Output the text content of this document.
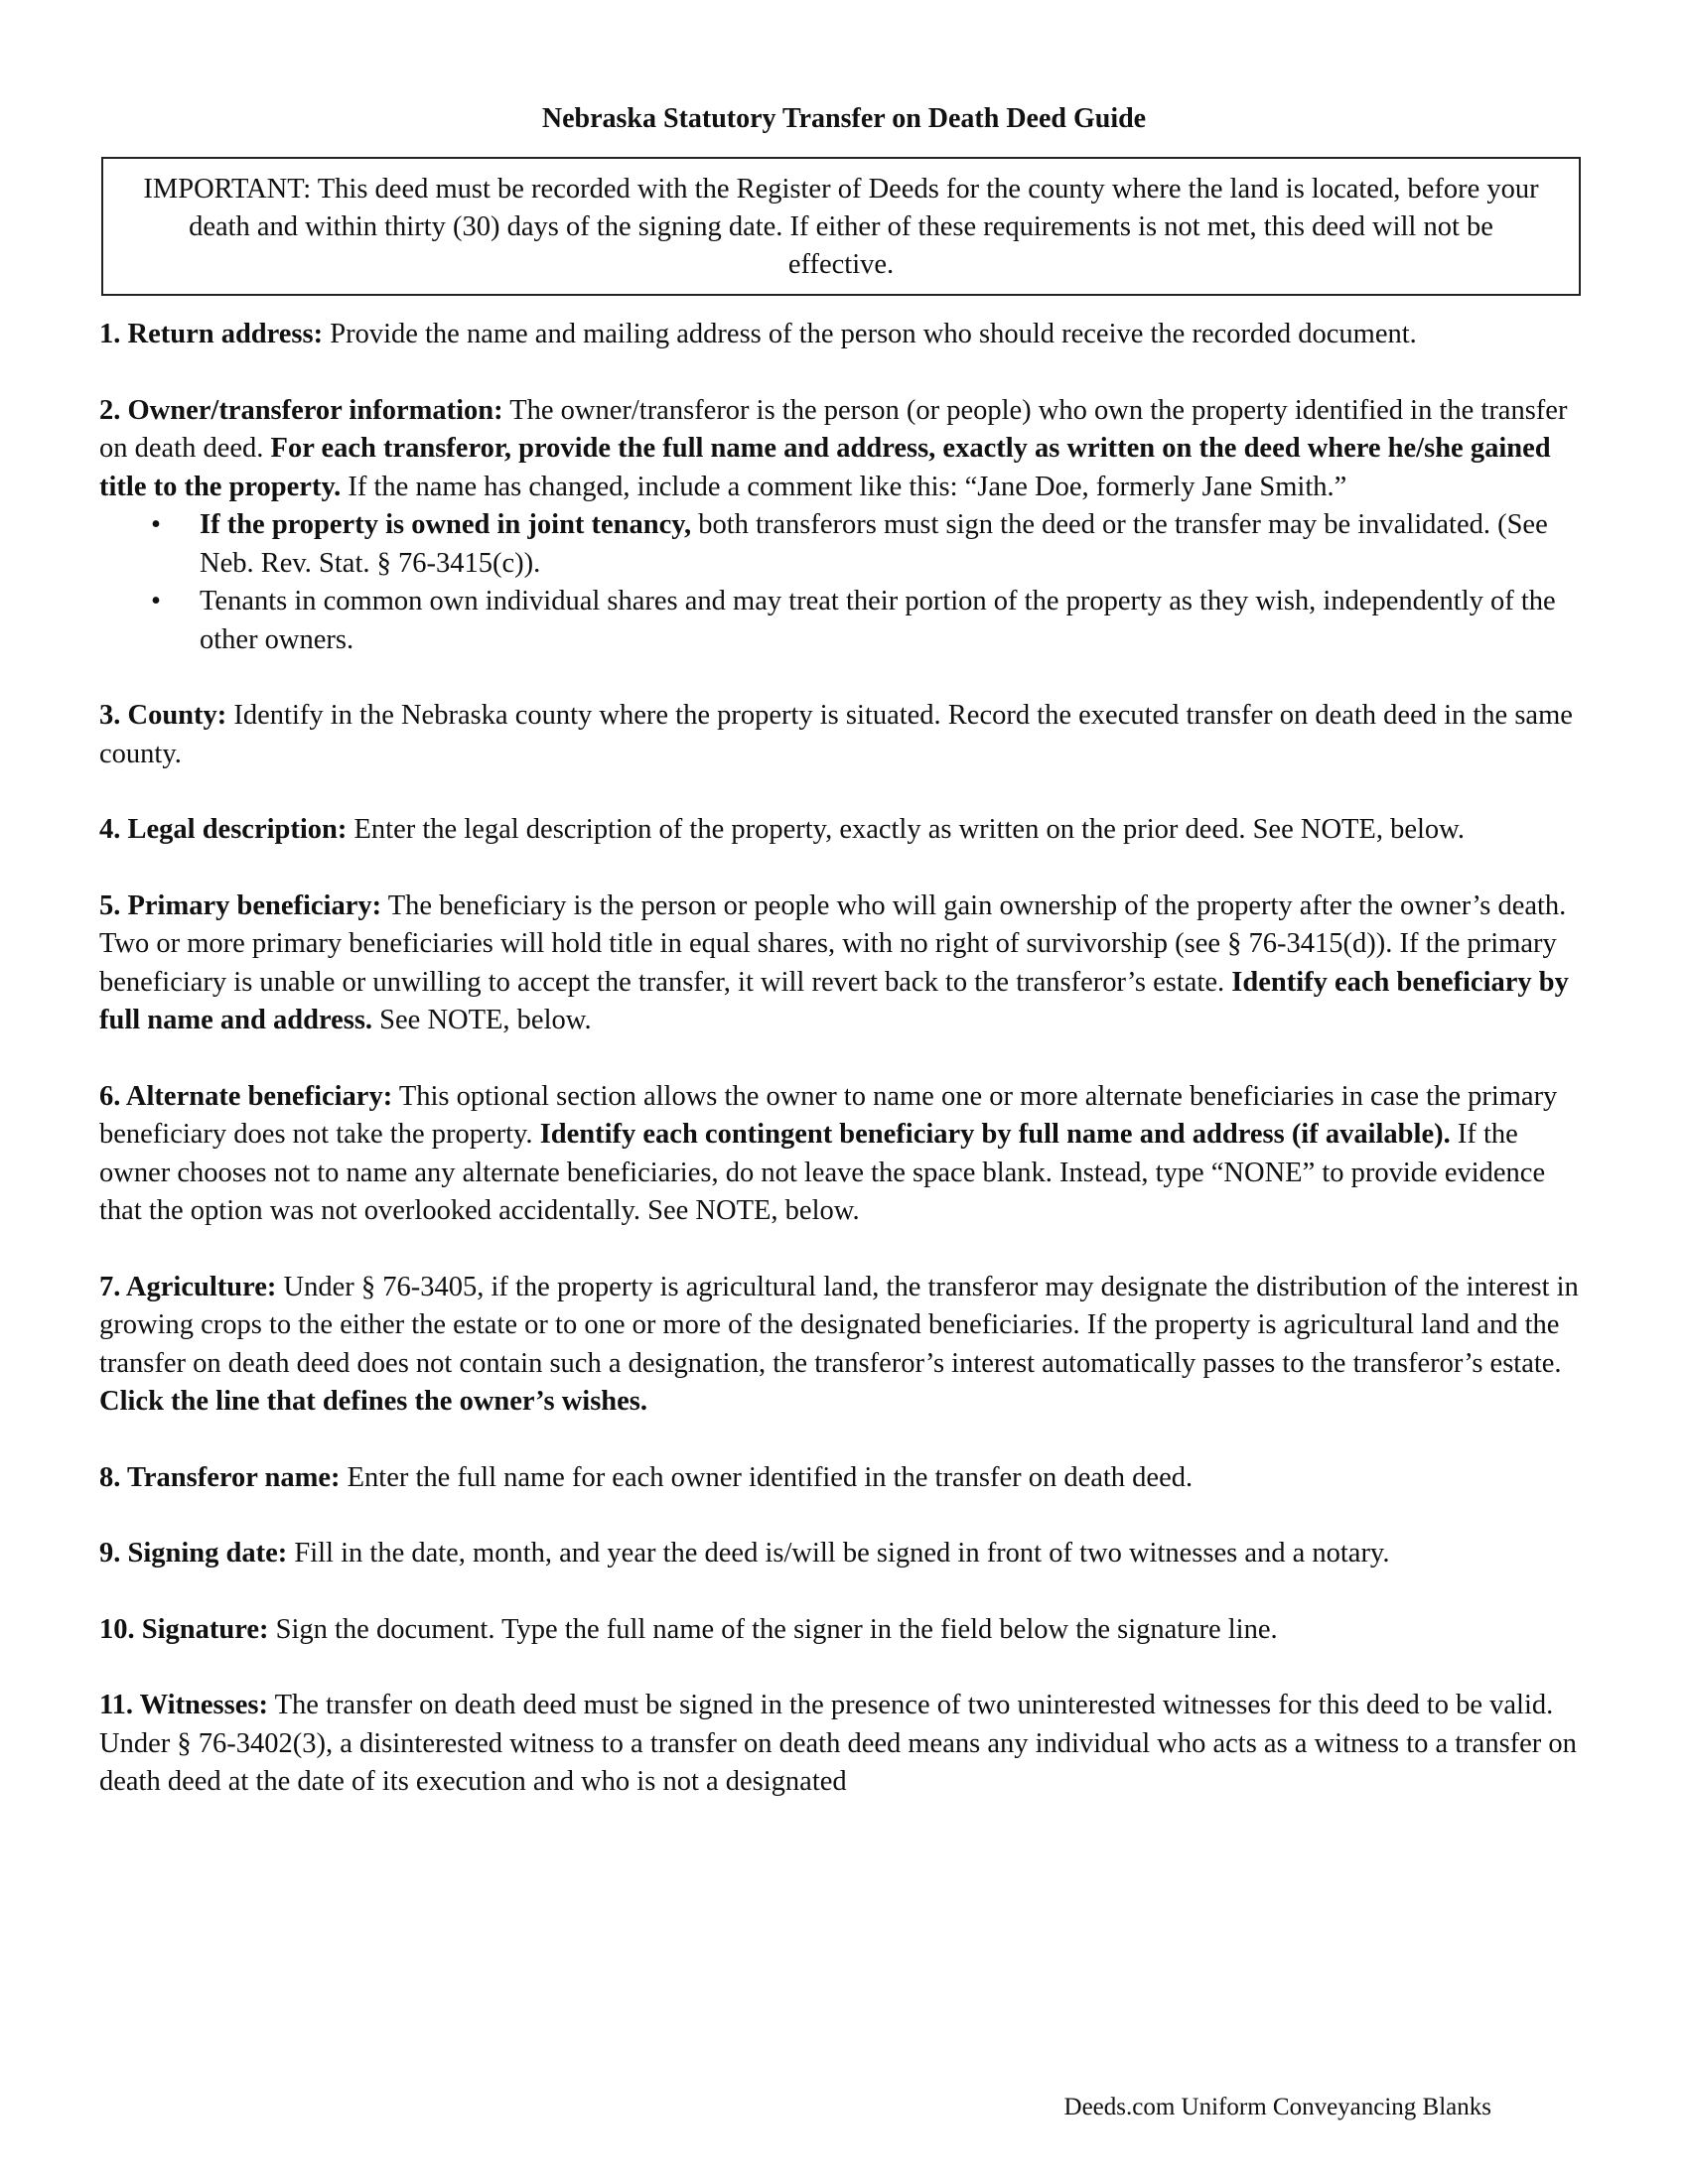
Nebraska Statutory Transfer on Death Deed Guide
IMPORTANT: This deed must be recorded with the Register of Deeds for the county where the land is located, before your death and within thirty (30) days of the signing date. If either of these requirements is not met, this deed will not be effective.
1. Return address: Provide the name and mailing address of the person who should receive the recorded document.
2. Owner/transferor information: The owner/transferor is the person (or people) who own the property identified in the transfer on death deed. For each transferor, provide the full name and address, exactly as written on the deed where he/she gained title to the property. If the name has changed, include a comment like this: “Jane Doe, formerly Jane Smith.”
• If the property is owned in joint tenancy, both transferors must sign the deed or the transfer may be invalidated. (See Neb. Rev. Stat. § 76-3415(c)).
• Tenants in common own individual shares and may treat their portion of the property as they wish, independently of the other owners.
3. County: Identify in the Nebraska county where the property is situated. Record the executed transfer on death deed in the same county.
4. Legal description: Enter the legal description of the property, exactly as written on the prior deed. See NOTE, below.
5. Primary beneficiary: The beneficiary is the person or people who will gain ownership of the property after the owner’s death. Two or more primary beneficiaries will hold title in equal shares, with no right of survivorship (see § 76-3415(d)). If the primary beneficiary is unable or unwilling to accept the transfer, it will revert back to the transferor’s estate. Identify each beneficiary by full name and address. See NOTE, below.
6. Alternate beneficiary: This optional section allows the owner to name one or more alternate beneficiaries in case the primary beneficiary does not take the property. Identify each contingent beneficiary by full name and address (if available). If the owner chooses not to name any alternate beneficiaries, do not leave the space blank. Instead, type “NONE” to provide evidence that the option was not overlooked accidentally. See NOTE, below.
7. Agriculture: Under § 76-3405, if the property is agricultural land, the transferor may designate the distribution of the interest in growing crops to the either the estate or to one or more of the designated beneficiaries. If the property is agricultural land and the transfer on death deed does not contain such a designation, the transferor’s interest automatically passes to the transferor’s estate. Click the line that defines the owner’s wishes.
8. Transferor name: Enter the full name for each owner identified in the transfer on death deed.
9. Signing date: Fill in the date, month, and year the deed is/will be signed in front of two witnesses and a notary.
10. Signature: Sign the document. Type the full name of the signer in the field below the signature line.
11. Witnesses: The transfer on death deed must be signed in the presence of two uninterested witnesses for this deed to be valid. Under § 76-3402(3), a disinterested witness to a transfer on death deed means any individual who acts as a witness to a transfer on death deed at the date of its execution and who is not a designated
Deeds.com Uniform Conveyancing Blanks
